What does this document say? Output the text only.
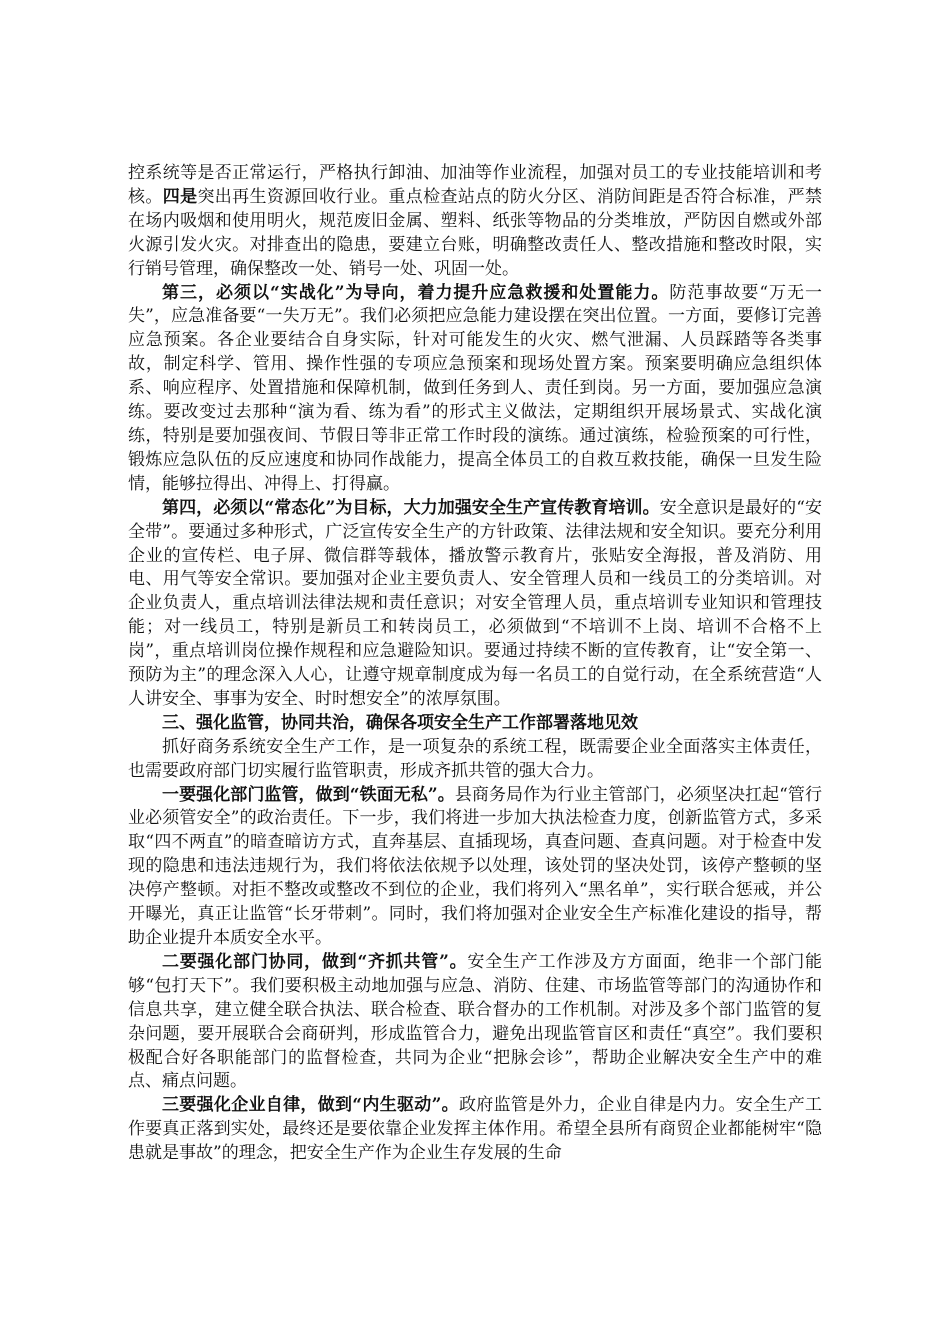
控系统等是否正常运行，严格执行卸油、加油等作业流程，加强对员工的专业技能培训和考核。四是突出再生资源回收行业。重点检查站点的防火分区、消防间距是否符合标准，严禁在场内吸烟和使用明火，规范废旧金属、塑料、纸张等物品的分类堆放，严防因自燃或外部火源引发火灾。对排查出的隐患，要建立台账，明确整改责任人、整改措施和整改时限，实行销号管理，确保整改一处、销号一处、巩固一处。

第三，必须以“实战化”为导向，着力提升应急救援和处置能力。防范事故要“万无一失”，应急准备要“一失万无”。我们必须把应急能力建设摆在突出位置。一方面，要修订完善应急预案。各企业要结合自身实际，针对可能发生的火灾、燃气泄漏、人员踩踏等各类事故，制定科学、管用、操作性强的专项应急预案和现场处置方案。预案要明确应急组织体系、响应程序、处置措施和保障机制，做到任务到人、责任到岗。另一方面，要加强应急演练。要改变过去那种“演为看、练为看”的形式主义做法，定期组织开展场景式、实战化演练，特别是要加强夜间、节假日等非正常工作时段的演练。通过演练，检验预案的可行性，锻炼应急队伍的反应速度和协同作战能力，提高全体员工的自救互救技能，确保一旦发生险情，能够拉得出、冲得上、打得赢。

第四，必须以“常态化”为目标，大力加强安全生产宣传教育培训。安全意识是最好的“安全带”。要通过多种形式，广泛宣传安全生产的方针政策、法律法规和安全知识。要充分利用企业的宣传栏、电子屏、微信群等载体，播放警示教育片，张贴安全海报，普及消防、用电、用气等安全常识。要加强对企业主要负责人、安全管理人员和一线员工的分类培训。对企业负责人，重点培训法律法规和责任意识；对安全管理人员，重点培训专业知识和管理技能；对一线员工，特别是新员工和转岗员工，必须做到“不培训不上岗、培训不合格不上岗”，重点培训岗位操作规程和应急避险知识。要通过持续不断的宣传教育，让“安全第一、预防为主”的理念深入人心，让遵守规章制度成为每一名员工的自觉行动，在全系统营造“人人讲安全、事事为安全、时时想安全”的浓厚氛围。

三、强化监管，协同共治，确保各项安全生产工作部署落地见效

抓好商务系统安全生产工作，是一项复杂的系统工程，既需要企业全面落实主体责任，也需要政府部门切实履行监管职责，形成齐抓共管的强大合力。

一要强化部门监管，做到“铁面无私”。县商务局作为行业主管部门，必须坚决扛起“管行业必须管安全”的政治责任。下一步，我们将进一步加大执法检查力度，创新监管方式，多采取“四不两直”的暗查暗访方式，直奔基层、直插现场，真查问题、查真问题。对于检查中发现的隐患和违法违规行为，我们将依法依规予以处理，该处罚的坚决处罚，该停产整顿的坚决停产整顿。对拒不整改或整改不到位的企业，我们将列入“黑名单”，实行联合惩戒，并公开曝光，真正让监管“长牙带刺”。同时，我们将加强对企业安全生产标准化建设的指导，帮助企业提升本质安全水平。

二要强化部门协同，做到“齐抓共管”。安全生产工作涉及方方面面，绝非一个部门能够“包打天下”。我们要积极主动地加强与应急、消防、住建、市场监管等部门的沟通协作和信息共享，建立健全联合执法、联合检查、联合督办的工作机制。对涉及多个部门监管的复杂问题，要开展联合会商研判，形成监管合力，避免出现监管盲区和责任“真空”。我们要积极配合好各职能部门的监督检查，共同为企业“把脉会诊”，帮助企业解决安全生产中的难点、痛点问题。

三要强化企业自律，做到“内生驱动”。政府监管是外力，企业自律是内力。安全生产工作要真正落到实处，最终还是要依靠企业发挥主体作用。希望全县所有商贸企业都能树牢“隐患就是事故”的理念，把安全生产作为企业生存发展的生命
